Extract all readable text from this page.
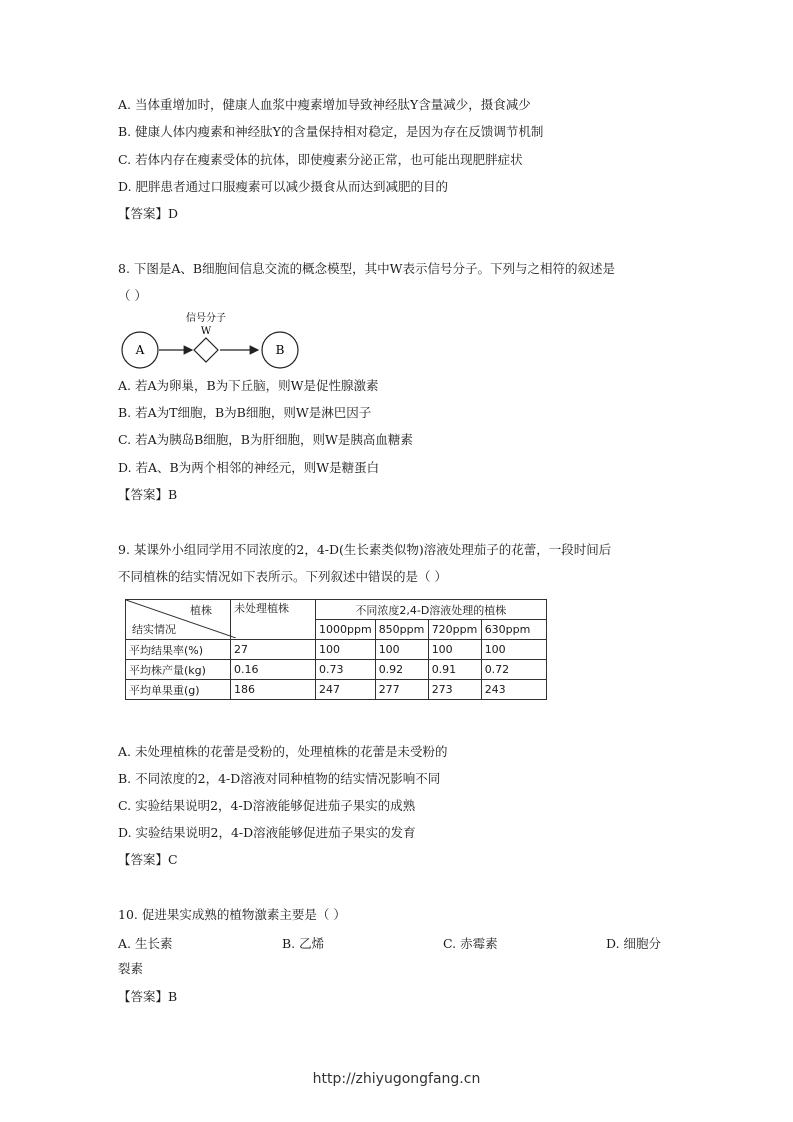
A. 当体重增加时，健康人血浆中瘦素增加导致神经肽Y含量减少，摄食减少
B. 健康人体内瘦素和神经肽Y的含量保持相对稳定，是因为存在反馈调节机制
C. 若体内存在瘦素受体的抗体，即使瘦素分泌正常，也可能出现肥胖症状
D. 肥胖患者通过口服瘦素可以减少摄食从而达到减肥的目的
【答案】D
8. 下图是A、B细胞间信息交流的概念模型，其中W表示信号分子。下列与之相符的叙述是
（ ）
A
信号分子
W
B
A. 若A为卵巢，B为下丘脑，则W是促性腺激素
B. 若A为T细胞，B为B细胞，则W是淋巴因子
C. 若A为胰岛B细胞，B为肝细胞，则W是胰高血糖素
D. 若A、B为两个相邻的神经元，则W是糖蛋白
【答案】B
9. 某课外小组同学用不同浓度的2，4-D(生长素类似物)溶液处理茄子的花蕾，一段时间后
不同植株的结实情况如下表所示。下列叙述中错误的是（ ）
植株
结实情况	未处理植株	不同浓度2,4-D溶液处理的植株			
		1000ppm	850ppm	720ppm	630ppm
平均结果率(%)	27	100	100	100	100
平均株产量(kg)	0.16	0.73	0.92	0.91	0.72
平均单果重(g)	186	247	277	273	243
A. 未处理植株的花蕾是受粉的，处理植株的花蕾是未受粉的
B. 不同浓度的2，4-D溶液对同种植物的结实情况影响不同
C. 实验结果说明2，4-D溶液能够促进茄子果实的成熟
D. 实验结果说明2，4-D溶液能够促进茄子果实的发育
【答案】C
10. 促进果实成熟的植物激素主要是（ ）
A. 生长素	B. 乙烯	C. 赤霉素	D. 细胞分
裂素
【答案】B
http://zhiyugongfang.cn
